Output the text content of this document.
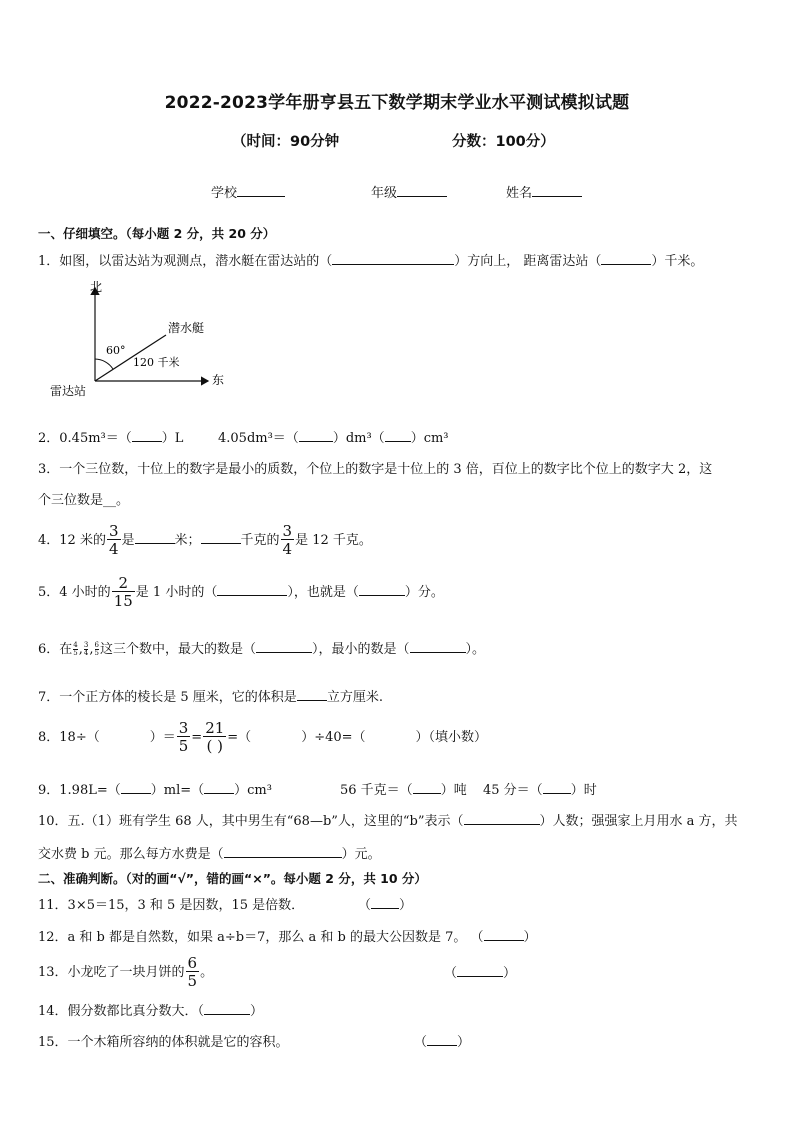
2022-2023学年册亨县五下数学期末学业水平测试模拟试题
（时间：90分钟	分数：100分）
学校	年级	姓名
一、仔细填空。（每小题 2 分，共 20 分）
1．如图，以雷达站为观测点，潜水艇在雷达站的（	）方向上， 距离雷达站（	）千米。
北
东
雷达站
潜水艇
60°
120 千米
2．0.45m³＝（ ）L	4.05dm³＝（	）dm³（ ）cm³
3．一个三位数，十位上的数字是最小的质数，个位上的数字是十位上的 3 倍，百位上的数字比个位上的数字大 2，这
个三位数是__。
4．12 米的 $\frac{3}{4}$ 是	米；	千克的 $\frac{3}{4}$ 是 12 千克。
5．4 小时的 $\frac{2}{15}$ 是 1 小时的（	），也就是（	）分。
6．在 $\frac{4}{5}$ , $\frac{3}{4}$ , $\frac{6}{5}$ 这三个数中，最大的数是（	），最小的数是（	）。
7．一个正方体的棱长是 5 厘米，它的体积是 立方厘米.
8．18÷（	）＝ $\frac{3}{5} = \frac{21}{( )}$ =（	）÷40=（	）（填小数）
9．1.98L=（ ）ml=（ ）cm³	56 千克＝（ ）吨 45 分＝（ ）时
10．五.（1）班有学生 68 人，其中男生有“68—b”人，这里的“b”表示（	）人数；强强家上月用水 a 方，共
交水费 b 元。那么每方水费是（	）元。
二、准确判断。（对的画“√”，错的画“×”。每小题 2 分，共 10 分）
11．3×5＝15，3 和 5 是因数，15 是倍数．	（ ）
12．a 和 b 都是自然数，如果 a÷b＝7，那么 a 和 b 的最大公因数是 7。 （	）
13．小龙吃了一块月饼的 $\frac{6}{5}$ 。	（	）
14．假分数都比真分数大．（	）
15．一个木箱所容纳的体积就是它的容积。	（ ）
